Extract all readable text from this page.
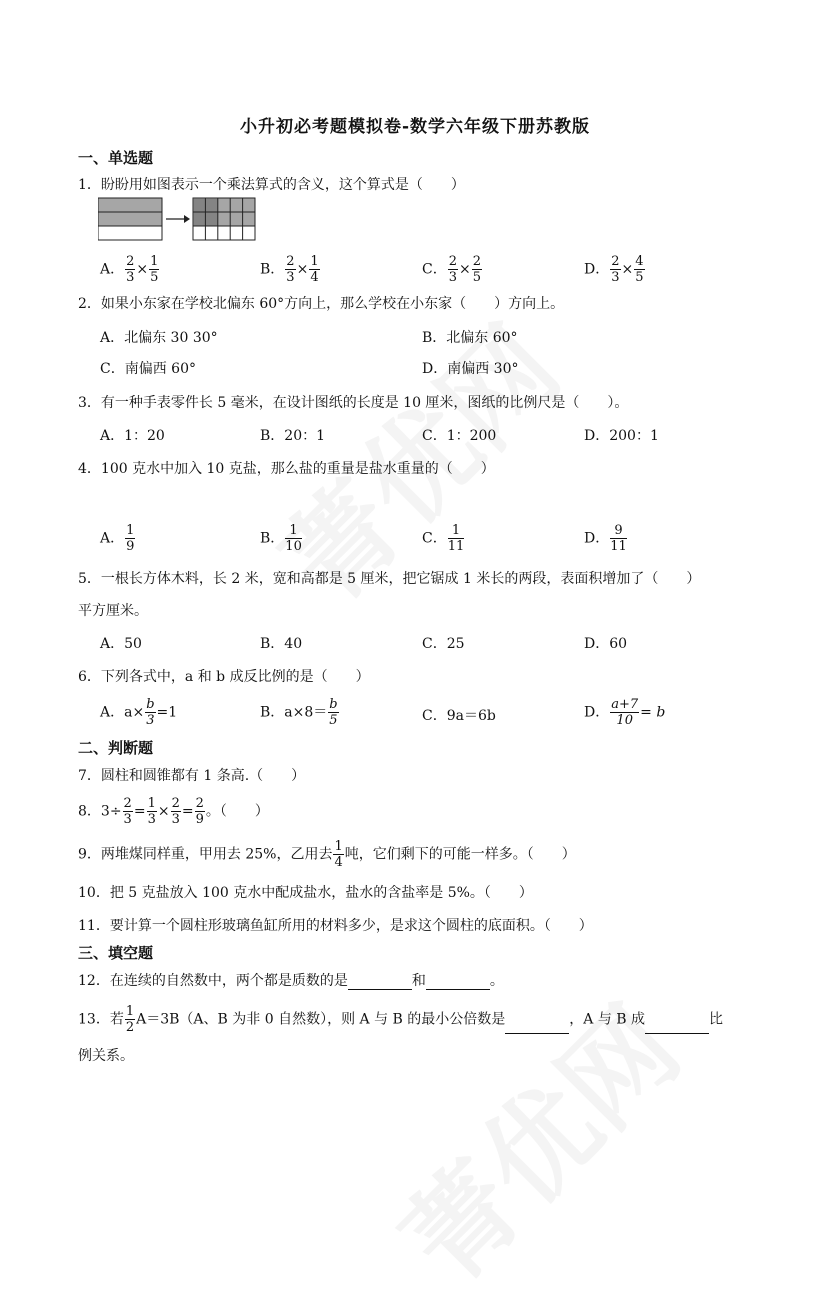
小升初必考题模拟卷-数学六年级下册苏教版
一、单选题
1．盼盼用如图表示一个乘法算式的含义，这个算式是（　　）
A． $\frac{2}{3} \times \frac{1}{5}$	B． $\frac{2}{3} \times \frac{1}{4}$	C． $\frac{2}{3} \times \frac{2}{5}$	D． $\frac{2}{3} \times \frac{4}{5}$
2．如果小东家在学校北偏东 60°方向上，那么学校在小东家（　　）方向上。
A．北偏东 30 30°	B．北偏东 60°
C．南偏西 60°	D．南偏西 30°
3．有一种手表零件长 5 毫米，在设计图纸的长度是 10 厘米，图纸的比例尺是（　　）。
A．1：20	B．20：1	C．1：200	D．200：1
4．100 克水中加入 10 克盐，那么盐的重量是盐水重量的（　　）
A． $\frac{1}{9}$	B． $\frac{1}{10}$	C． $\frac{1}{11}$	D． $\frac{9}{11}$
5．一根长方体木料，长 2 米，宽和高都是 5 厘米，把它锯成 1 米长的两段，表面积增加了（　　）
平方厘米。
A．50	B．40	C．25	D．60
6．下列各式中，a 和 b 成反比例的是（　　）
A．$a\times \frac{b}{3} =1$	B．$a\times 8= \frac{b}{5}$	C．9a＝6b	D． $\frac{a+7}{10} = b$
二、判断题
7．圆柱和圆锥都有 1 条高.（　　）
8．$3\div \frac{2}{3} = \frac{1}{3} \times \frac{2}{3} = \frac{2}{9}$ 。（　　）
9．两堆煤同样重，甲用去 25%，乙用去 $\frac{1}{4}$ 吨，它们剩下的可能一样多。（　　）
10．把 5 克盐放入 100 克水中配成盐水，盐水的含盐率是 5%。（　　）
11．要计算一个圆柱形玻璃鱼缸所用的材料多少，是求这个圆柱的底面积。（　　）
三、填空题
12．在连续的自然数中，两个都是质数的是	和	。
13．若 $\frac{1}{2} A=3B(A$、B 为非 0 自然数），则 A 与 B 的最小公倍数是	，A 与 B 成	比
例关系。
